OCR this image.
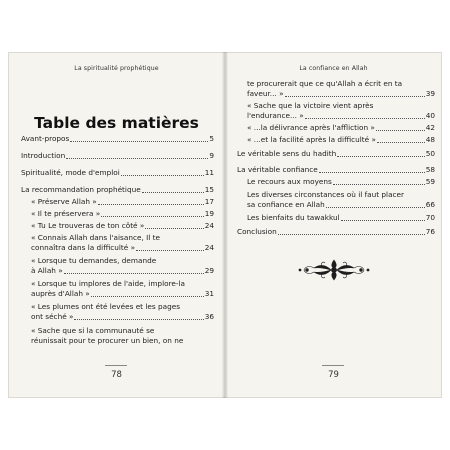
La spiritualité prophétique
Table des matières
Avant-propos	5
Introduction	9
Spiritualité, mode d'emploi	11
La recommandation prophétique	15
« Préserve Allah »	17
« Il te préservera »	19
« Tu Le trouveras de ton côté »	24
« Connais Allah dans l'aisance, Il te
connaîtra dans la difficulté »	24
« Lorsque tu demandes, demande
à Allah »	29
« Lorsque tu implores de l'aide, implore-la
auprès d'Allah »	31
« Les plumes ont été levées et les pages
ont séché »	36
« Sache que si la communauté se
réunissait pour te procurer un bien, on ne
78
La confiance en Allah
te procurerait que ce qu'Allah a écrit en ta
faveur... »	39
« Sache que la victoire vient après
l'endurance... »	40
« ...la délivrance après l'affliction »	42
« ...et la facilité après la difficulté »	48
Le véritable sens du hadith	50
La véritable confiance	58
Le recours aux moyens	59
Les diverses circonstances où il faut placer
sa confiance en Allah	66
Les bienfaits du tawakkul	70
Conclusion	76
79
